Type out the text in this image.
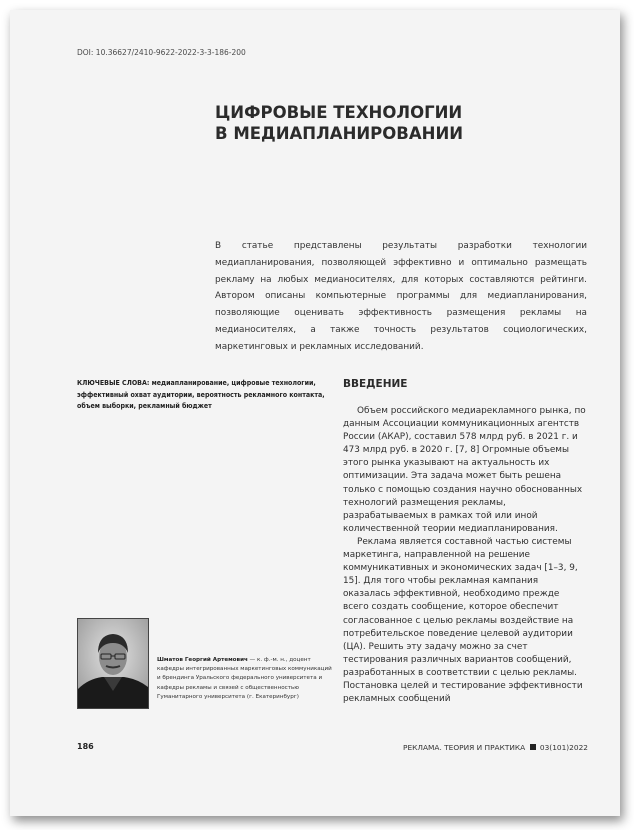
DOI: 10.36627/2410-9622-2022-3-3-186-200
ЦИФРОВЫЕ ТЕХНОЛОГИИ
В МЕДИАПЛАНИРОВАНИИ

В статье представлены результаты разработки технологии медиапланирования, позволяющей эффективно и оптимально размещать рекламу на любых медианосителях, для которых составляются рейтинги. Автором описаны компьютерные программы для медиапланирования, позволяющие оценивать эффективность размещения рекламы на медианосителях, а также точность результатов социологических, маркетинговых и рекламных исследований.

КЛЮЧЕВЫЕ СЛОВА: медиапланирование, цифровые технологии, эффективный охват аудитории, вероятность рекламного контакта, объем выборки, рекламный бюджет

ВВЕДЕНИЕ

Объем российского медиарекламного рынка, по данным Ассоциации коммуникационных агентств России (АКАР), составил 578 млрд руб. в 2021 г. и 473 млрд руб. в 2020 г. [7, 8] Огромные объемы этого рынка указывают на актуальность их оптимизации. Эта задача может быть решена только с помощью создания научно обоснованных технологий размещения рекламы, разрабатываемых в рамках той или иной количественной теории медиапланирования.

Реклама является составной частью системы маркетинга, направленной на решение коммуникативных и экономических задач [1–3, 9, 15]. Для того чтобы рекламная кампания оказалась эффективной, необходимо прежде всего создать сообщение, которое обеспечит согласованное с целью рекламы воздействие на потребительское поведение целевой аудитории (ЦА). Решить эту задачу можно за счет тестирования различных вариантов сообщений, разработанных в соответствии с целью рекламы. Постановка целей и тестирование эффективности рекламных сообщений

Шматов Георгий Артемович — к. ф.-м. н., доцент кафедры интегрированных маркетинговых коммуникаций и брендинга Уральского федерального университета и кафедры рекламы и связей с общественностью Гуманитарного университета (г. Екатеринбург)

186	РЕКЛАМА. ТЕОРИЯ И ПРАКТИКА 03(101)2022
